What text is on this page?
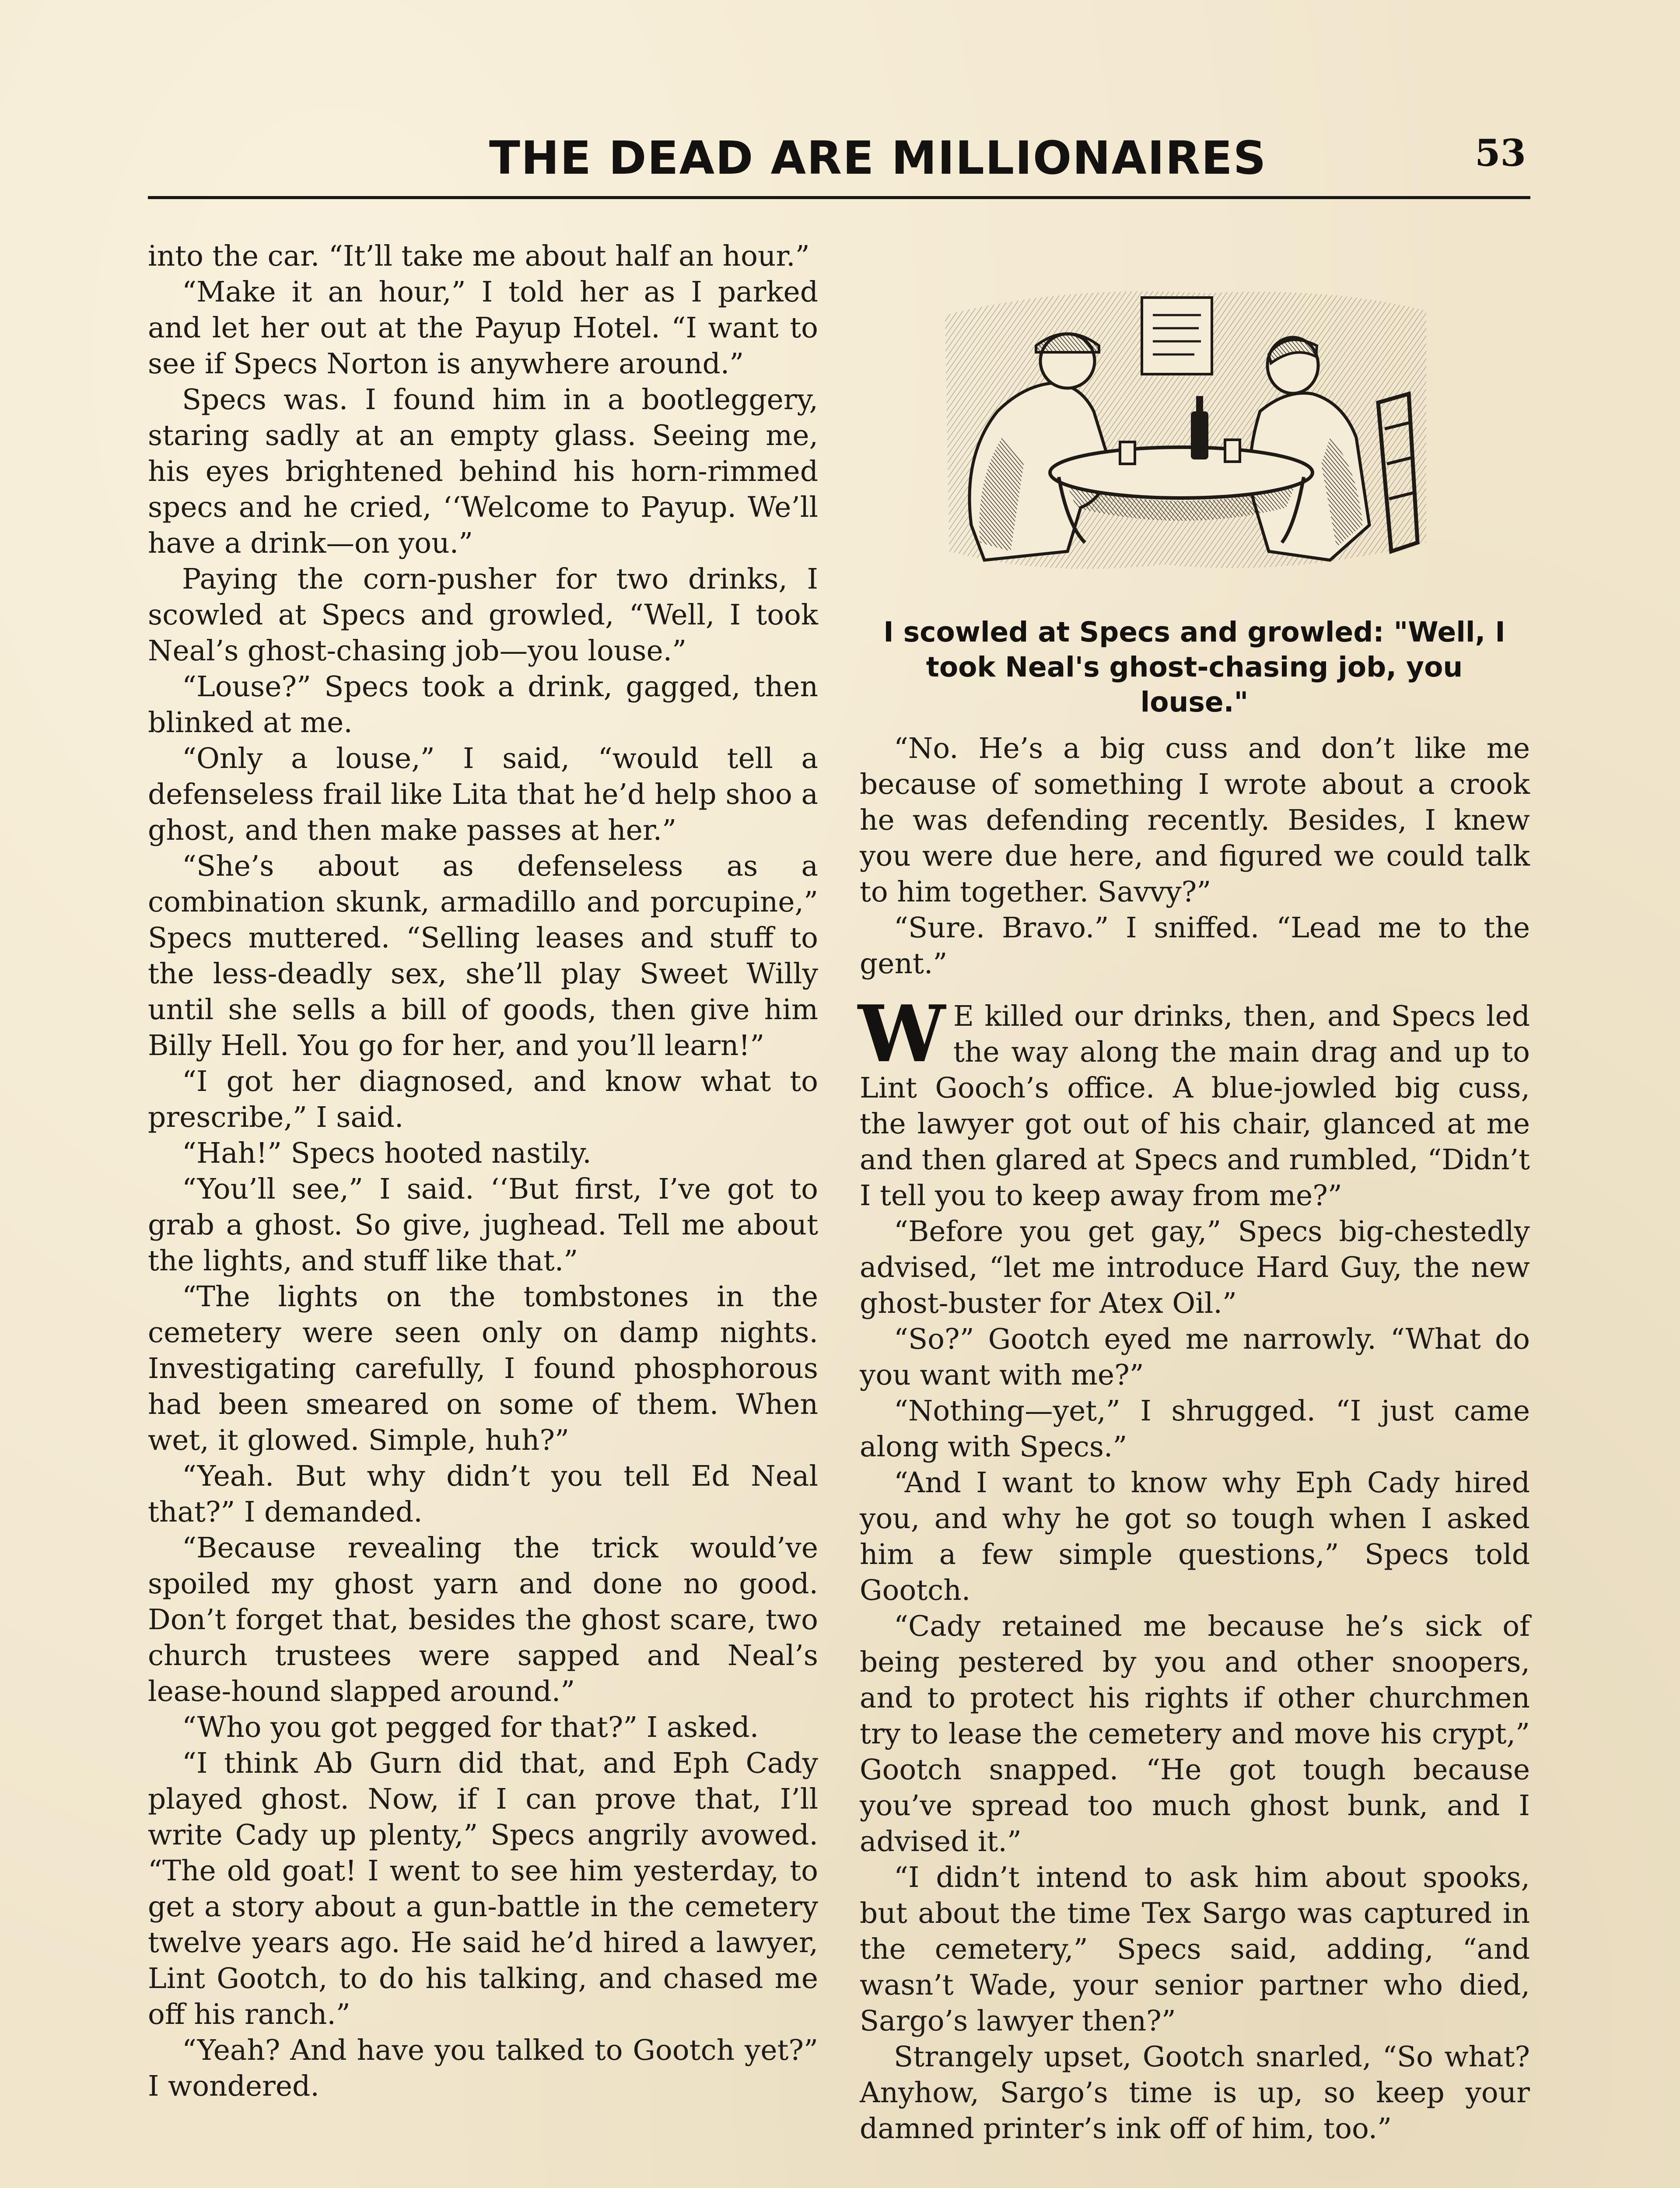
THE DEAD ARE MILLIONAIRES	53

into the car. “It’ll take me about half an hour.”

“Make it an hour,” I told her as I parked and let her out at the Payup Hotel. “I want to see if Specs Norton is anywhere around.”

Specs was. I found him in a bootleggery, staring sadly at an empty glass. Seeing me, his eyes brightened behind his horn-rimmed specs and he cried, ‘‘Welcome to Payup. We’ll have a drink—on you.”

Paying the corn-pusher for two drinks, I scowled at Specs and growled, “Well, I took Neal’s ghost-chasing job—you louse.”

“Louse?” Specs took a drink, gagged, then blinked at me.

“Only a louse,” I said, “would tell a defenseless frail like Lita that he’d help shoo a ghost, and then make passes at her.”

“She’s about as defenseless as a combination skunk, armadillo and porcupine,” Specs muttered. “Selling leases and stuff to the less-deadly sex, she’ll play Sweet Willy until she sells a bill of goods, then give him Billy Hell. You go for her, and you’ll learn!”

“I got her diagnosed, and know what to prescribe,” I said.

“Hah!” Specs hooted nastily.

“You’ll see,” I said. ‘‘But first, I’ve got to grab a ghost. So give, jughead. Tell me about the lights, and stuff like that.”

“The lights on the tombstones in the cemetery were seen only on damp nights. Investigating carefully, I found phosphorous had been smeared on some of them. When wet, it glowed. Simple, huh?”

“Yeah. But why didn’t you tell Ed Neal that?” I demanded.

“Because revealing the trick would’ve spoiled my ghost yarn and done no good. Don’t forget that, besides the ghost scare, two church trustees were sapped and Neal’s lease-hound slapped around.”

“Who you got pegged for that?” I asked.

“I think Ab Gurn did that, and Eph Cady played ghost. Now, if I can prove that, I’ll write Cady up plenty,” Specs angrily avowed. “The old goat! I went to see him yesterday, to get a story about a gun-battle in the cemetery twelve years ago. He said he’d hired a lawyer, Lint Gootch, to do his talking, and chased me off his ranch.”

“Yeah? And have you talked to Gootch yet?” I wondered.

I scowled at Specs and growled: "Well, I took Neal's ghost-chasing job, you louse."

“No. He’s a big cuss and don’t like me because of something I wrote about a crook he was defending recently. Besides, I knew you were due here, and figured we could talk to him together. Savvy?”

“Sure. Bravo.” I sniffed. “Lead me to the gent.”

W E killed our drinks, then, and Specs led the way along the main drag and up to Lint Gooch’s office. A blue-jowled big cuss, the lawyer got out of his chair, glanced at me and then glared at Specs and rumbled, “Didn’t I tell you to keep away from me?”

“Before you get gay,” Specs big-chestedly advised, “let me introduce Hard Guy, the new ghost-buster for Atex Oil.”

“So?” Gootch eyed me narrowly. “What do you want with me?”

“Nothing—yet,” I shrugged. “I just came along with Specs.”

“And I want to know why Eph Cady hired you, and why he got so tough when I asked him a few simple questions,” Specs told Gootch.

“Cady retained me because he’s sick of being pestered by you and other snoopers, and to protect his rights if other churchmen try to lease the cemetery and move his crypt,” Gootch snapped. “He got tough because you’ve spread too much ghost bunk, and I advised it.”

“I didn’t intend to ask him about spooks, but about the time Tex Sargo was captured in the cemetery,” Specs said, adding, “and wasn’t Wade, your senior partner who died, Sargo’s lawyer then?”

Strangely upset, Gootch snarled, “So what? Anyhow, Sargo’s time is up, so keep your damned printer’s ink off of him, too.”
